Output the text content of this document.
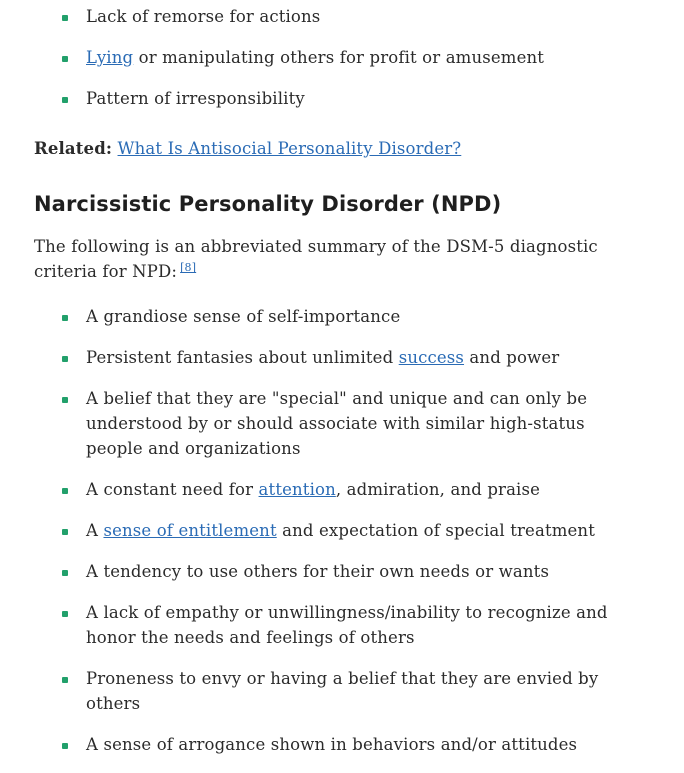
Lack of remorse for actions
Lying or manipulating others for profit or amusement
Pattern of irresponsibility
Related: What Is Antisocial Personality Disorder?
Narcissistic Personality Disorder (NPD)

The following is an abbreviated summary of the DSM-5 diagnostic criteria for NPD: [8]

A grandiose sense of self-importance
Persistent fantasies about unlimited success and power
A belief that they are "special" and unique and can only be understood by or should associate with similar high-status people and organizations
A constant need for attention, admiration, and praise
A sense of entitlement and expectation of special treatment
A tendency to use others for their own needs or wants
A lack of empathy or unwillingness/inability to recognize and honor the needs and feelings of others
Proneness to envy or having a belief that they are envied by others
A sense of arrogance shown in behaviors and/or attitudes
